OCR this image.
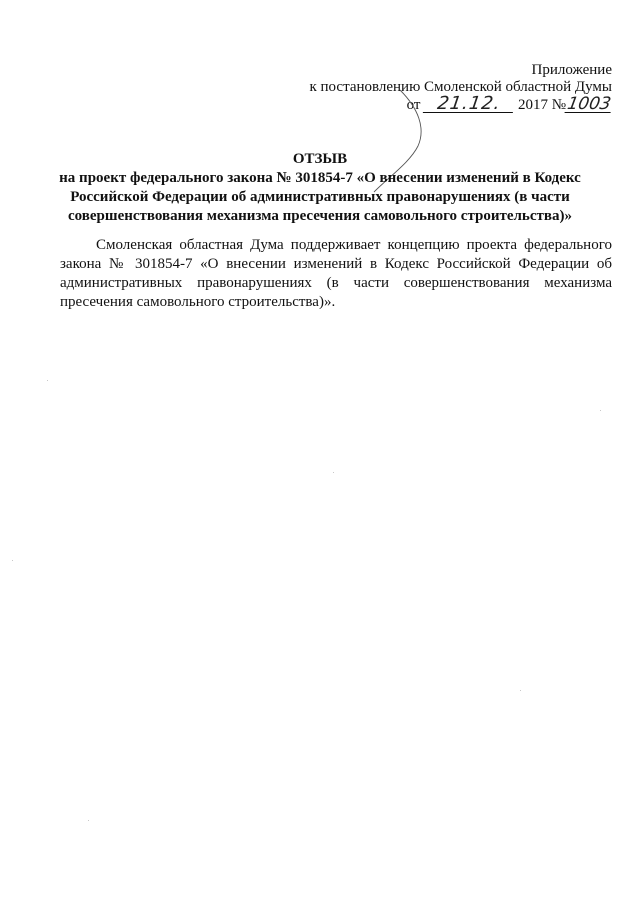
Приложение
к постановлению Смоленской областной Думы
от 21.12. 2017 №1003
ОТЗЫВ
на проект федерального закона № 301854-7 «О внесении изменений в Кодекс
Российской Федерации об административных правонарушениях (в части
совершенствования механизма пресечения самовольного строительства)»
Смоленская областная Дума поддерживает концепцию проекта федерального закона № 301854-7 «О внесении изменений в Кодекс Российской Федерации об административных правонарушениях (в части совершенствования механизма пресечения самовольного строительства)».
